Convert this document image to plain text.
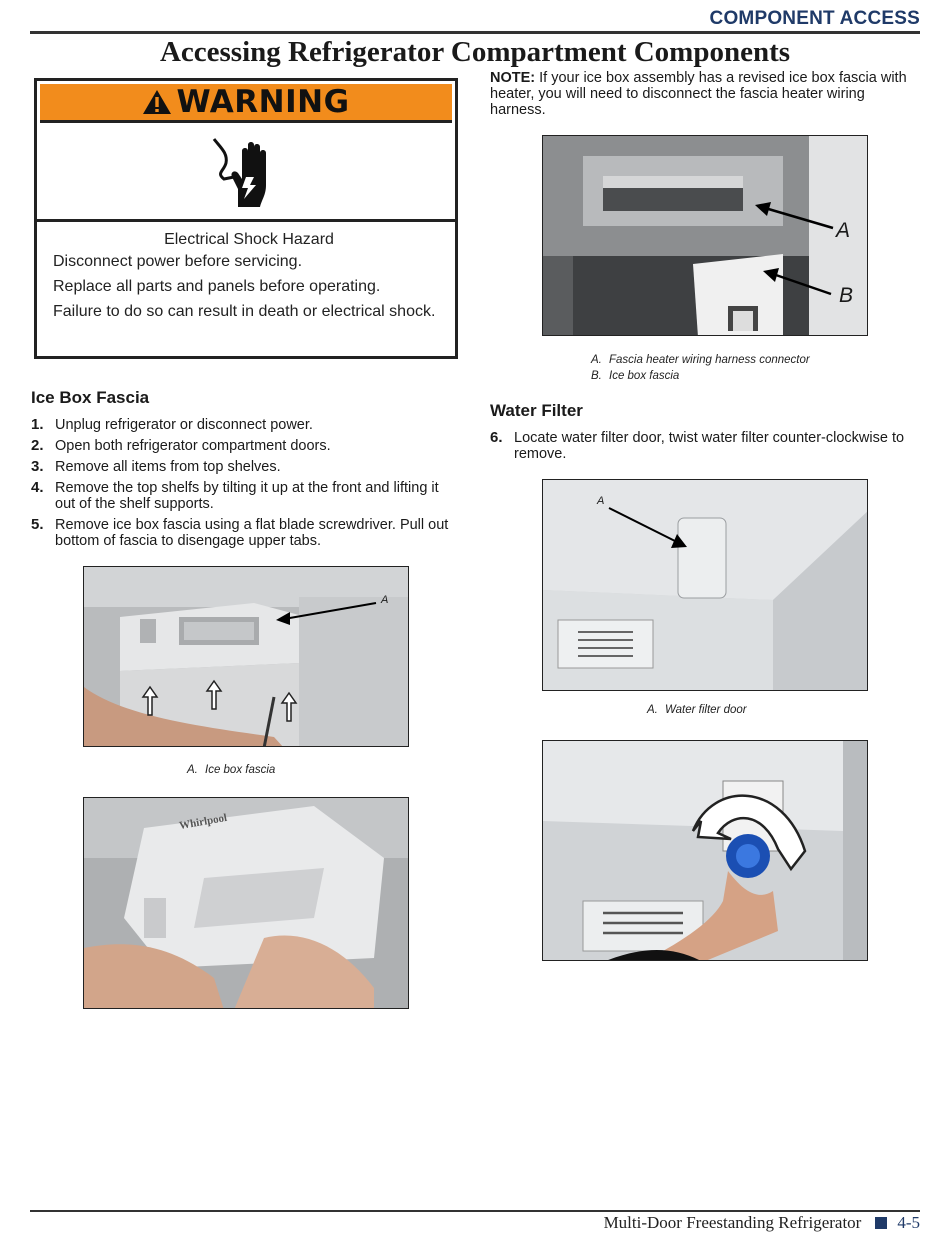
COMPONENT ACCESS
Accessing Refrigerator Compartment Components
WARNING

Electrical Shock Hazard

Disconnect power before servicing.

Replace all parts and panels before operating.

Failure to do so can result in death or electrical shock.

Ice Box Fascia
1. Unplug refrigerator or disconnect power.
2. Open both refrigerator compartment doors.
3. Remove all items from top shelves.
4. Remove the top shelfs by tilting it up at the front and lifting it out of the shelf supports.
5. Remove ice box fascia using a flat blade screwdriver. Pull out bottom of fascia to disengage upper tabs.
A
A. Ice box fascia
Whirlpool
NOTE: If your ice box assembly has a revised ice box fascia with heater, you will need to disconnect the fascia heater wiring harness.
A
B
A. Fascia heater wiring harness connector
B. Ice box fascia
Water Filter
6. Locate water filter door, twist water filter counter-clockwise to remove.
A
A. Water filter door
Multi-Door Freestanding Refrigerator 4-5
